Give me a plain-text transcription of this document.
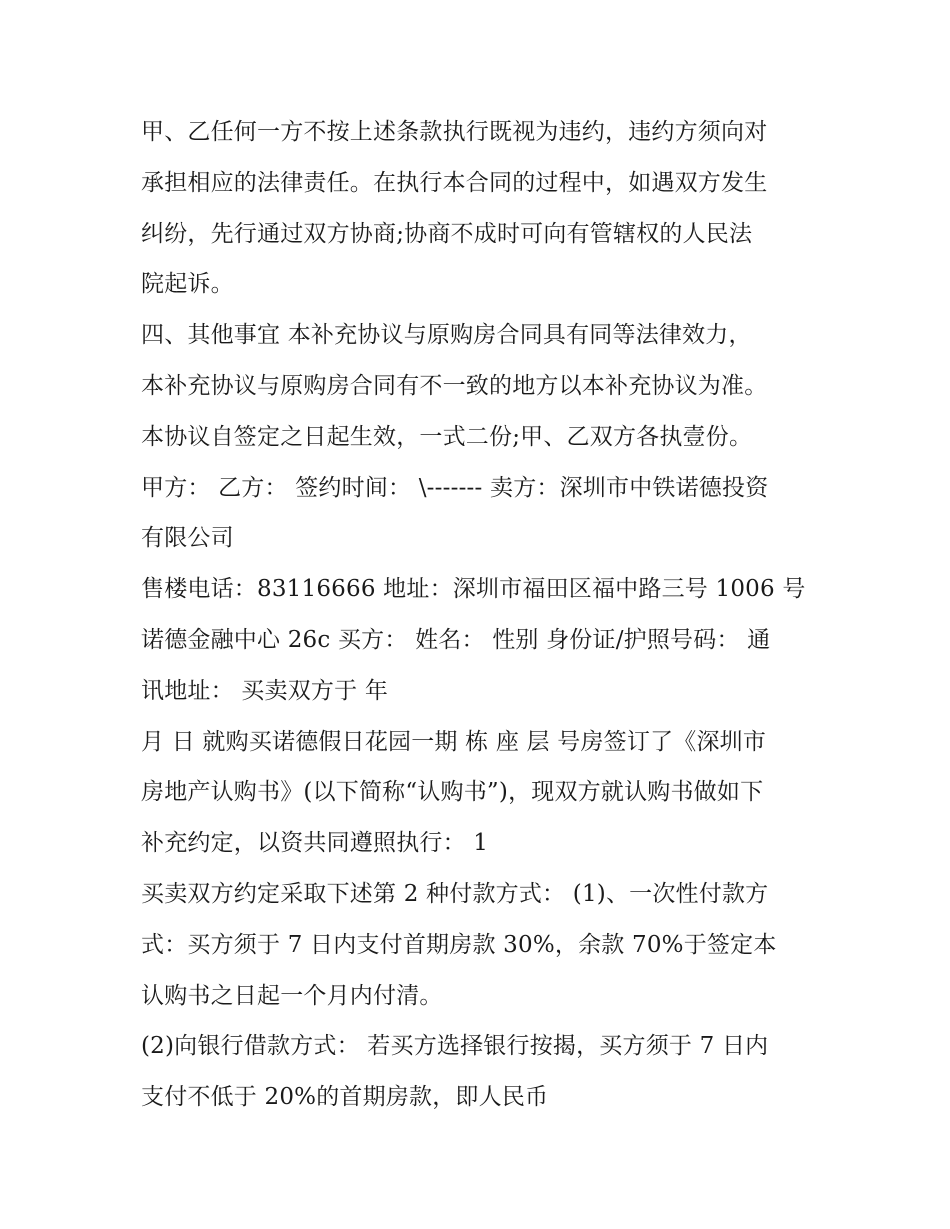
甲、乙任何一方不按上述条款执行既视为违约，违约方须向对
承担相应的法律责任。在执行本合同的过程中，如遇双方发生
纠纷，先行通过双方协商;协商不成时可向有管辖权的人民法
院起诉。
四、其他事宜 本补充协议与原购房合同具有同等法律效力，
本补充协议与原购房合同有不一致的地方以本补充协议为准。
本协议自签定之日起生效，一式二份;甲、乙双方各执壹份。
甲方： 乙方： 签约时间： \------- 卖方：深圳市中铁诺德投资
有限公司
售楼电话：83116666 地址：深圳市福田区福中路三号 1006 号
诺德金融中心 26c 买方： 姓名： 性别 身份证/护照号码： 通
讯地址： 买卖双方于 年
月 日 就购买诺德假日花园一期 栋 座 层 号房签订了《深圳市
房地产认购书》(以下简称“认购书”)，现双方就认购书做如下
补充约定，以资共同遵照执行： 1
买卖双方约定采取下述第 2 种付款方式： (1)、一次性付款方
式：买方须于 7 日内支付首期房款 30%，余款 70%于签定本
认购书之日起一个月内付清。
(2)向银行借款方式： 若买方选择银行按揭，买方须于 7 日内
支付不低于 20%的首期房款，即人民币
